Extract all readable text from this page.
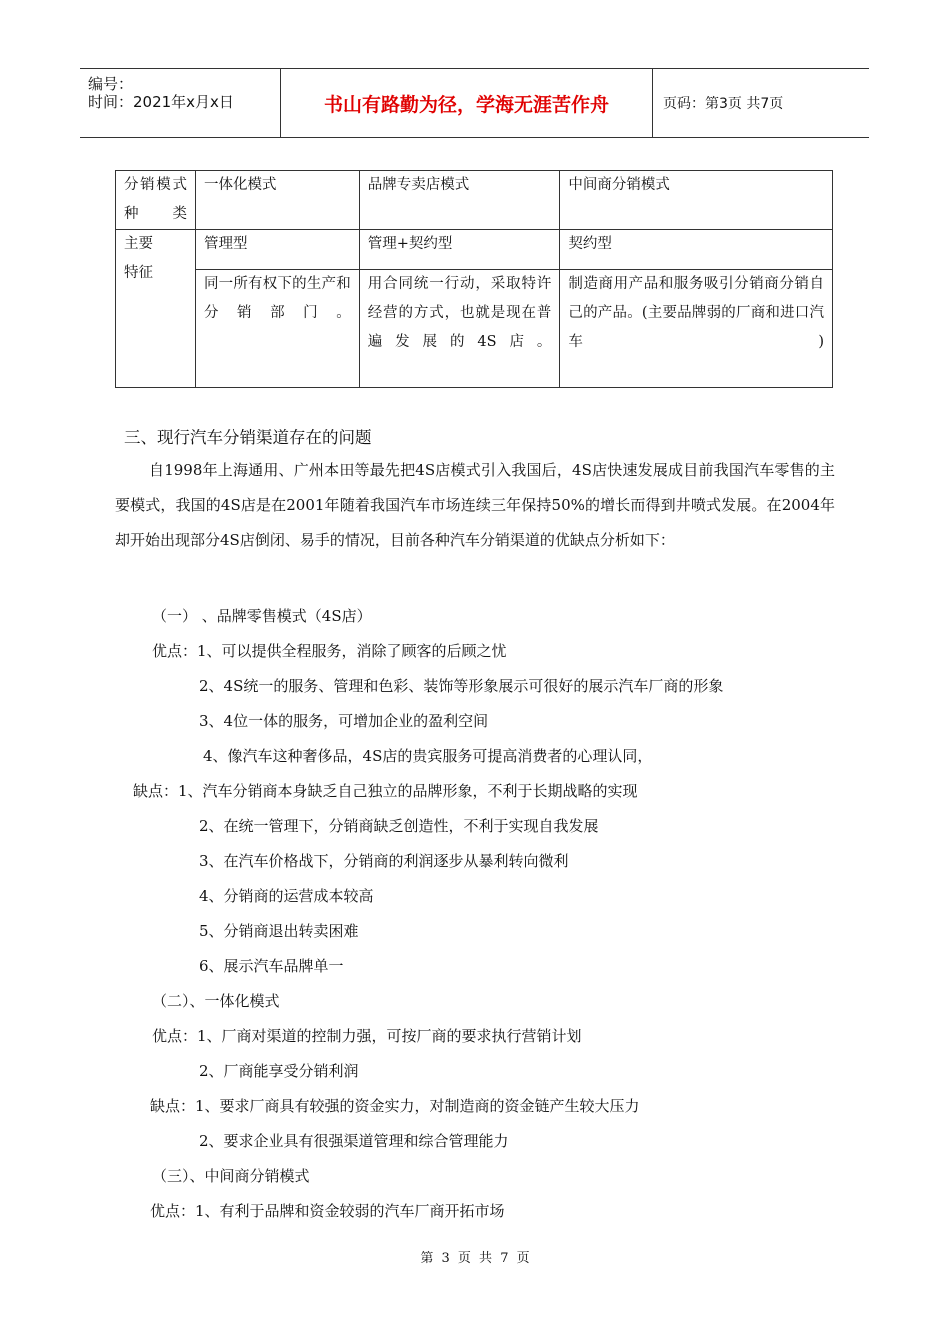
编号：
时间：2021年x月x日	书山有路勤为径，学海无涯苦作舟	页码：第3页 共7页
分销模式种类	一体化模式	品牌专卖店模式	中间商分销模式
主要特征	管理型	管理+契约型	契约型
	同一所有权下的生产和分销部门。	用合同统一行动，采取特许经营的方式，也就是现在普遍发展的4S店。	制造商用产品和服务吸引分销商分销自己的产品。(主要品牌弱的厂商和进口汽车)
三、现行汽车分销渠道存在的问题
自1998年上海通用、广州本田等最先把4S店模式引入我国后，4S店快速发展成目前我国汽车零售的主要模式，我国的4S店是在2001年随着我国汽车市场连续三年保持50%的增长而得到井喷式发展。在2004年却开始出现部分4S店倒闭、易手的情况，目前各种汽车分销渠道的优缺点分析如下：
（一） 、品牌零售模式（4S店）
优点：1、可以提供全程服务，消除了顾客的后顾之忧
2、4S统一的服务、管理和色彩、装饰等形象展示可很好的展示汽车厂商的形象
3、4位一体的服务，可增加企业的盈利空间
4、像汽车这种奢侈品，4S店的贵宾服务可提高消费者的心理认同，
缺点：1、汽车分销商本身缺乏自己独立的品牌形象，不利于长期战略的实现
2、在统一管理下，分销商缺乏创造性，不利于实现自我发展
3、在汽车价格战下，分销商的利润逐步从暴利转向微利
4、分销商的运营成本较高
5、分销商退出转卖困难
6、展示汽车品牌单一
（二）、一体化模式
优点：1、厂商对渠道的控制力强，可按厂商的要求执行营销计划
2、厂商能享受分销利润
缺点：1、要求厂商具有较强的资金实力，对制造商的资金链产生较大压力
2、要求企业具有很强渠道管理和综合管理能力
（三）、中间商分销模式
优点：1、有利于品牌和资金较弱的汽车厂商开拓市场
第 3 页 共 7 页
